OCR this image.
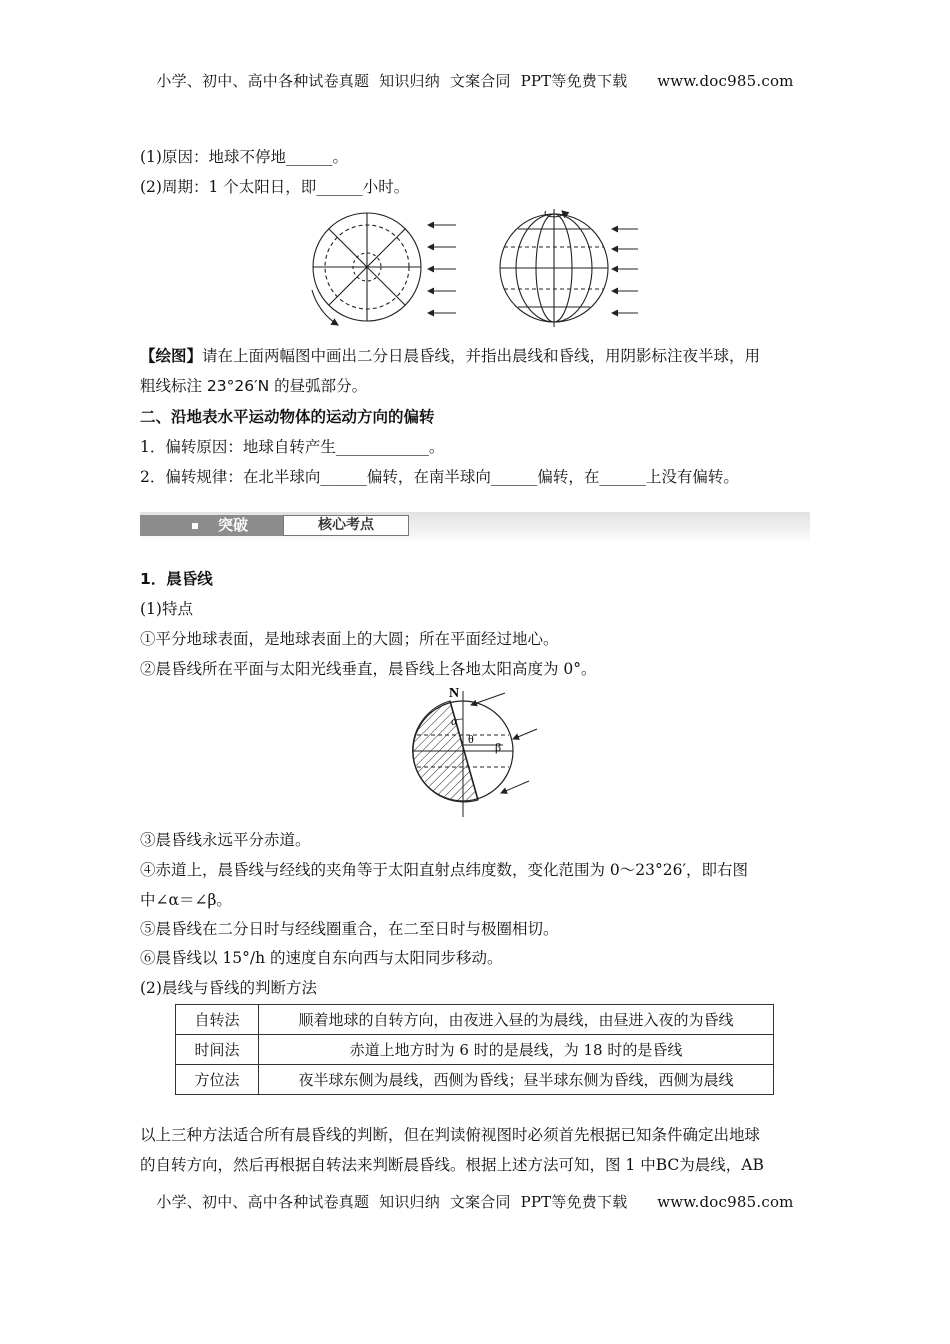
小学、初中、高中各种试卷真题  知识归纳  文案合同  PPT等免费下载      www.doc985.com
(1)原因：地球不停地______。
(2)周期：1 个太阳日，即______小时。
【绘图】请在上面两幅图中画出二分日晨昏线，并指出晨线和昏线，用阴影标注夜半球，用
粗线标注 23°26′N 的昼弧部分。
二、沿地表水平运动物体的运动方向的偏转
1．偏转原因：地球自转产生____________。
2．偏转规律：在北半球向______偏转，在南半球向______偏转，在______上没有偏转。
突破	核心考点
1．晨昏线
(1)特点
①平分地球表面，是地球表面上的大圆；所在平面经过地心。
②晨昏线所在平面与太阳光线垂直，晨昏线上各地太阳高度为 0°。
N
α
θ
β
③晨昏线永远平分赤道。
④赤道上，晨昏线与经线的夹角等于太阳直射点纬度数，变化范围为 0～23°26′，即右图
中∠α＝∠β。
⑤晨昏线在二分日时与经线圈重合，在二至日时与极圈相切。
⑥晨昏线以 15°/h 的速度自东向西与太阳同步移动。
(2)晨线与昏线的判断方法
自转法	顺着地球的自转方向，由夜进入昼的为晨线，由昼进入夜的为昏线
时间法	赤道上地方时为 6 时的是晨线，为 18 时的是昏线
方位法	夜半球东侧为晨线，西侧为昏线；昼半球东侧为昏线，西侧为晨线
以上三种方法适合所有晨昏线的判断，但在判读俯视图时必须首先根据已知条件确定出地球
的自转方向，然后再根据自转法来判断晨昏线。根据上述方法可知，图 1 中BC为晨线，AB
小学、初中、高中各种试卷真题  知识归纳  文案合同  PPT等免费下载      www.doc985.com
